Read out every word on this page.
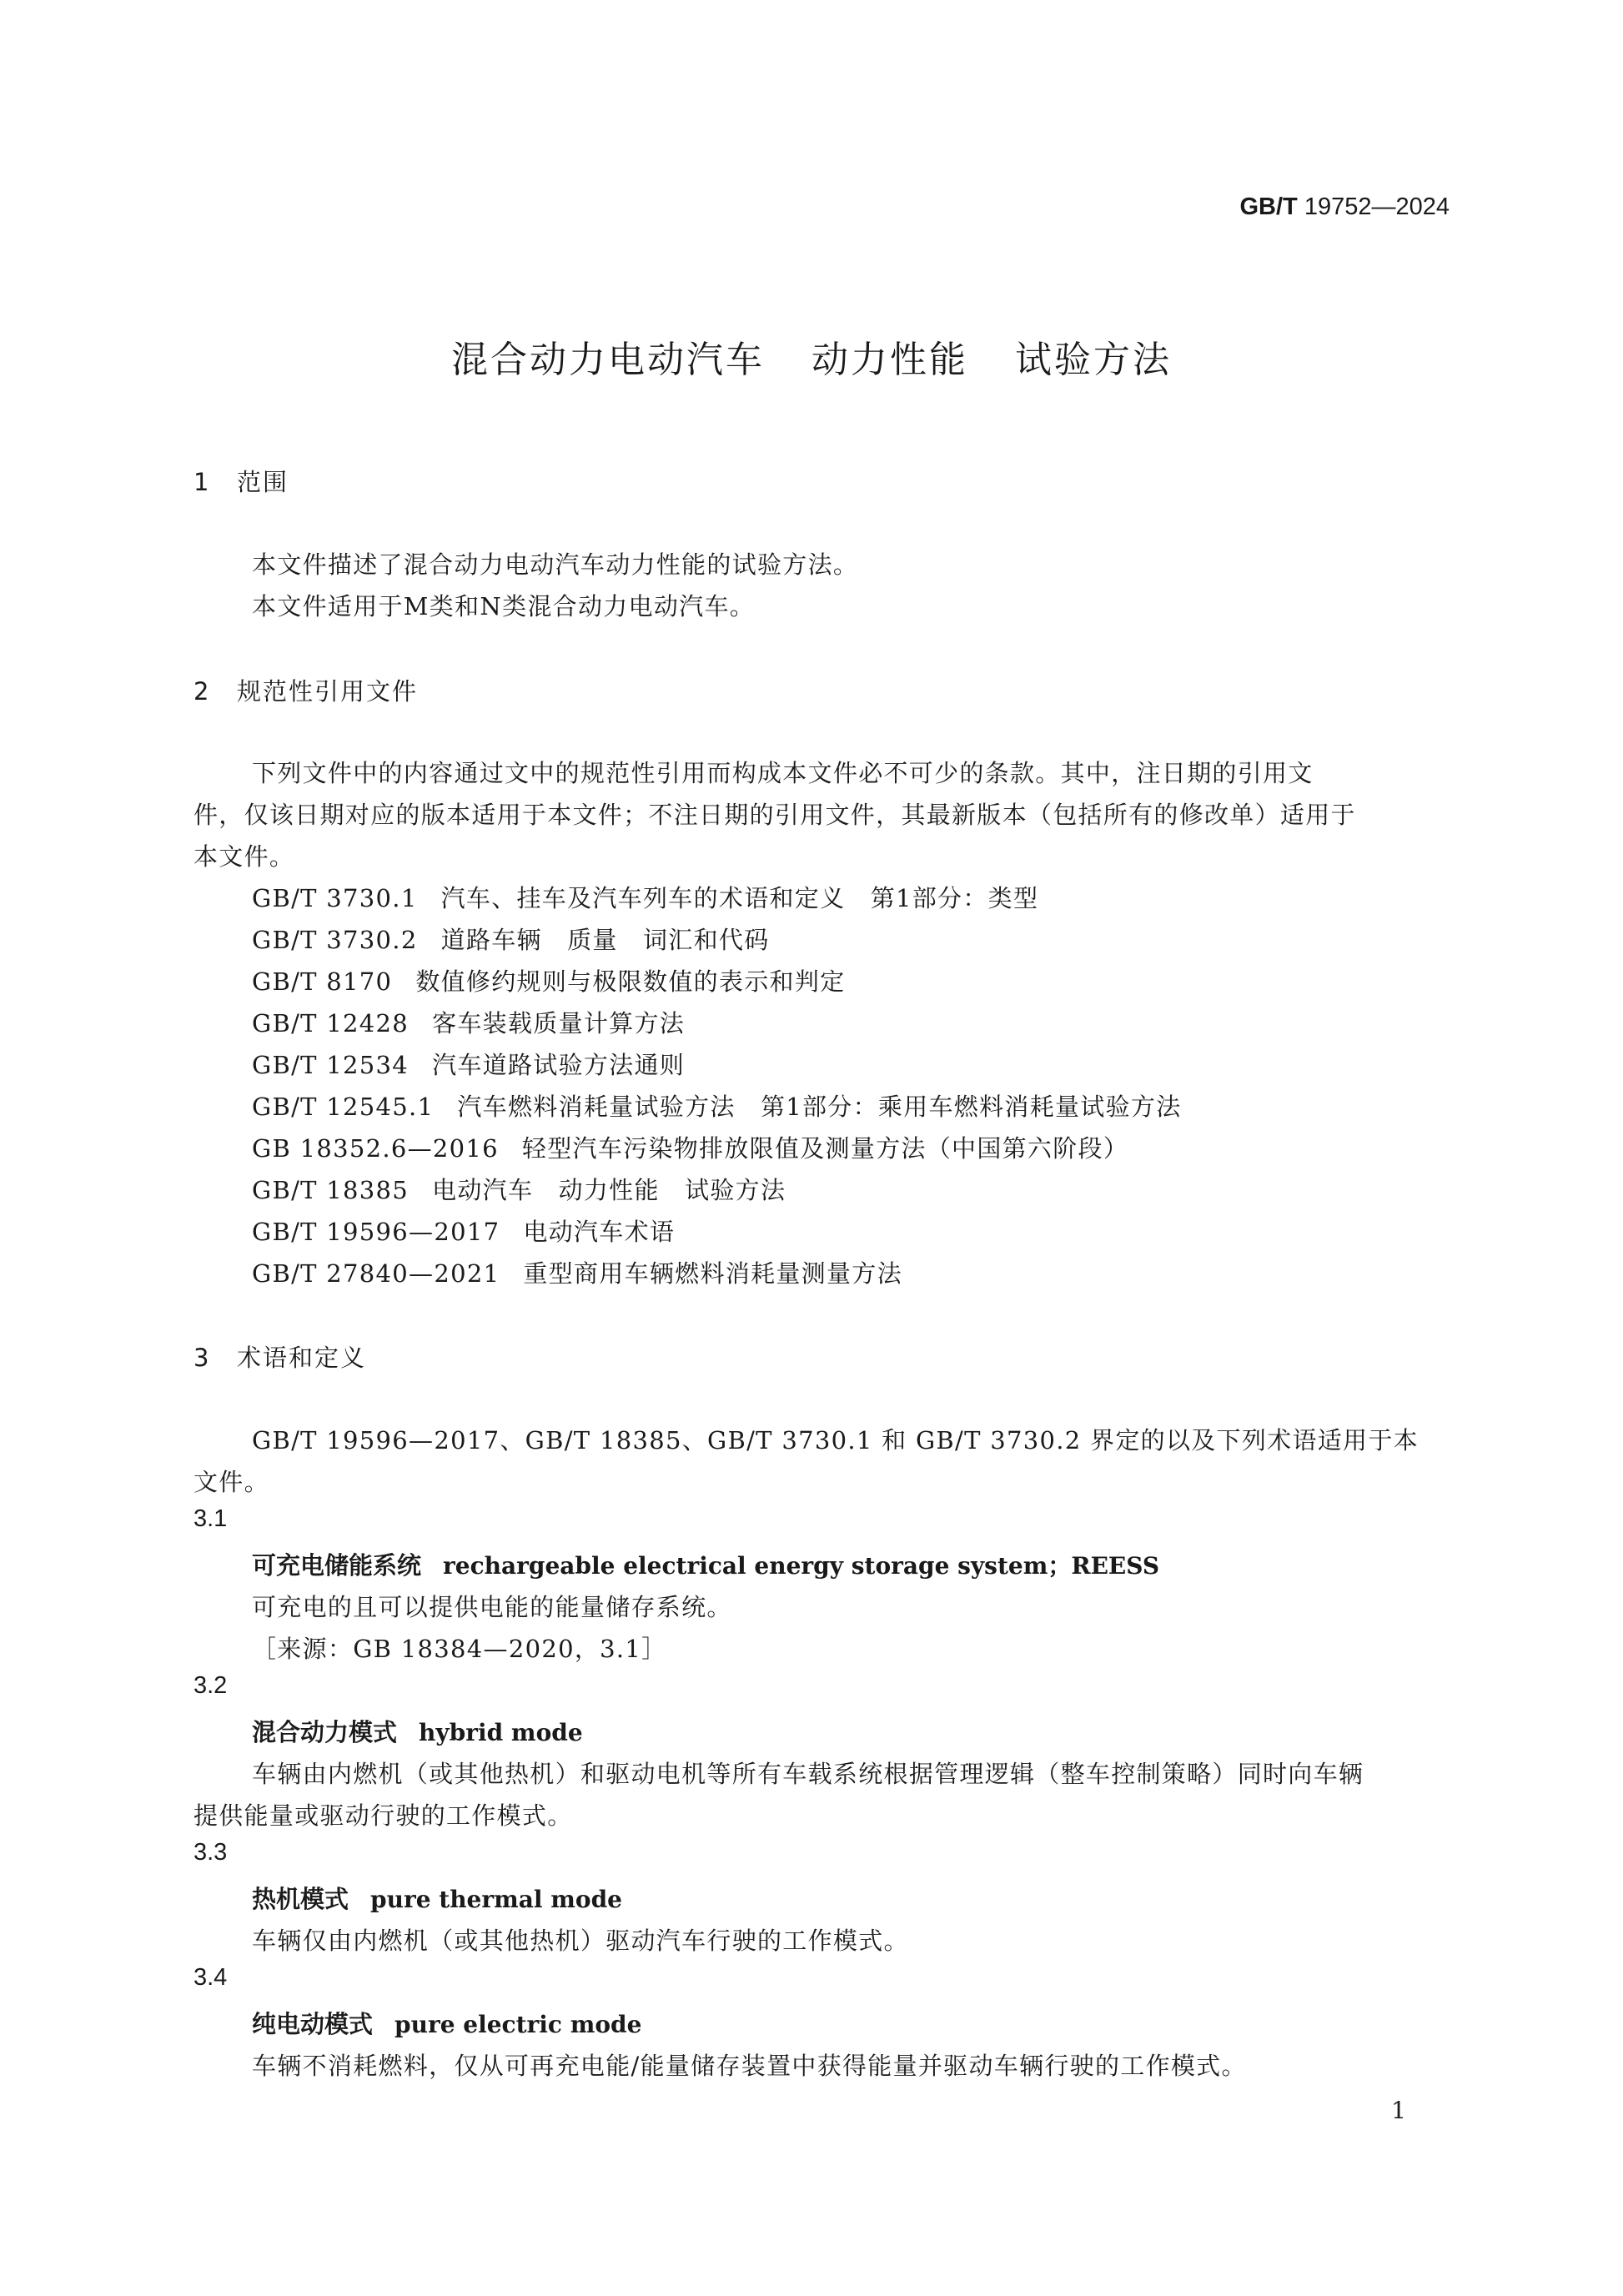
GB/T 19752—2024
混合动力电动汽车 动力性能 试验方法
1 范围
本文件描述了混合动力电动汽车动力性能的试验方法。
本文件适用于M类和N类混合动力电动汽车。
2 规范性引用文件
下列文件中的内容通过文中的规范性引用而构成本文件必不可少的条款。其中，注日期的引用文
件，仅该日期对应的版本适用于本文件；不注日期的引用文件，其最新版本（包括所有的修改单）适用于
本文件。
GB/T 3730.1 汽车、挂车及汽车列车的术语和定义　第1部分：类型
GB/T 3730.2 道路车辆　质量　词汇和代码
GB/T 8170 数值修约规则与极限数值的表示和判定
GB/T 12428 客车装载质量计算方法
GB/T 12534 汽车道路试验方法通则
GB/T 12545.1 汽车燃料消耗量试验方法　第1部分：乘用车燃料消耗量试验方法
GB 18352.6—2016 轻型汽车污染物排放限值及测量方法（中国第六阶段）
GB/T 18385 电动汽车　动力性能　试验方法
GB/T 19596—2017 电动汽车术语
GB/T 27840—2021 重型商用车辆燃料消耗量测量方法
3 术语和定义
GB/T 19596—2017、GB/T 18385、GB/T 3730.1 和 GB/T 3730.2 界定的以及下列术语适用于本
文件。
3.1
可充电储能系统 rechargeable electrical energy storage system；REESS
可充电的且可以提供电能的能量储存系统。
［来源：GB 18384—2020，3.1］
3.2
混合动力模式 hybrid mode
车辆由内燃机（或其他热机）和驱动电机等所有车载系统根据管理逻辑（整车控制策略）同时向车辆
提供能量或驱动行驶的工作模式。
3.3
热机模式 pure thermal mode
车辆仅由内燃机（或其他热机）驱动汽车行驶的工作模式。
3.4
纯电动模式 pure electric mode
车辆不消耗燃料，仅从可再充电能/能量储存装置中获得能量并驱动车辆行驶的工作模式。
1
